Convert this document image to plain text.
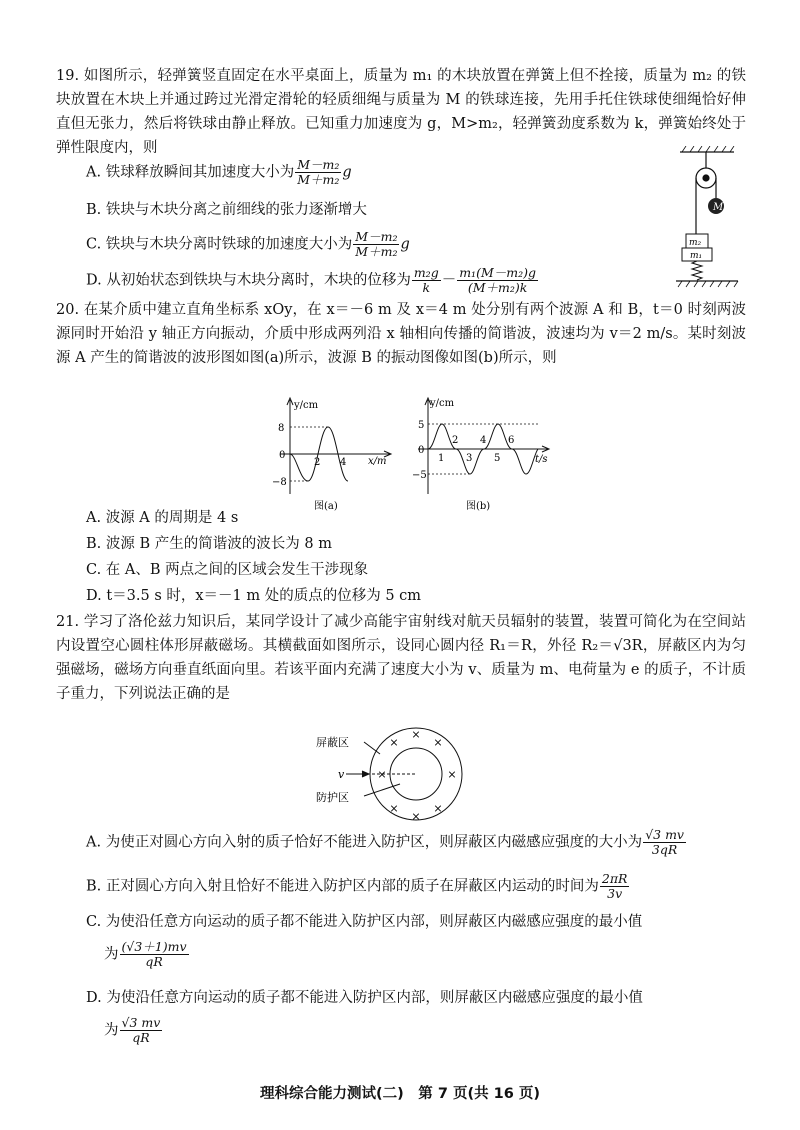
19. 如图所示，轻弹簧竖直固定在水平桌面上，质量为 m₁ 的木块放置在弹簧上但不拴接，质量为 m₂ 的铁块放置在木块上并通过跨过光滑定滑轮的轻质细绳与质量为 M 的铁球连接，先用手托住铁球使细绳恰好伸直但无张力，然后将铁球由静止释放。已知重力加速度为 g，M>m₂，轻弹簧劲度系数为 k，弹簧始终处于弹性限度内，则
A. 铁球释放瞬间其加速度大小为 $\frac{\text{M－m₂}}{\text{M＋m₂}}$ g
B. 铁块与木块分离之前细线的张力逐渐增大
C. 铁块与木块分离时铁球的加速度大小为 $\frac{\text{M－m₂}}{\text{M＋m₂}}$ g
D. 从初始状态到铁块与木块分离时，木块的位移为 $\frac{\text{m₂g}}{k} - \frac{\text{m₁(M－m₂)g}}{\text{(M＋m₂)k}}$
M
m₂
m₁
20. 在某介质中建立直角坐标系 xOy，在 x＝－6 m 及 x＝4 m 处分别有两个波源 A 和 B，t＝0 时刻两波源同时开始沿 y 轴正方向振动，介质中形成两列沿 x 轴相向传播的简谐波，波速均为 v＝2 m/s。某时刻波源 A 产生的简谐波的波形图如图(a)所示，波源 B 的振动图像如图(b)所示，则
y/cm
x/m
8
0
−8
2 4
图(a)
y/cm
t/s
5
0
−5
1
2
3
4
5
6
图(b)
A. 波源 A 的周期是 4 s
B. 波源 B 产生的简谐波的波长为 8 m
C. 在 A、B 两点之间的区域会发生干涉现象
D. t＝3.5 s 时，x＝－1 m 处的质点的位移为 5 cm
21. 学习了洛伦兹力知识后，某同学设计了减少高能宇宙射线对航天员辐射的装置，装置可简化为在空间站内设置空心圆柱体形屏蔽磁场。其横截面如图所示，设同心圆内径 R₁＝R，外径 R₂＝√3R，屏蔽区内为匀强磁场，磁场方向垂直纸面向里。若该平面内充满了速度大小为 v、质量为 m、电荷量为 e 的质子，不计质子重力，下列说法正确的是
屏蔽区
防护区
v
×
×	×
×	×
×	×
×
A. 为使正对圆心方向入射的质子恰好不能进入防护区，则屏蔽区内磁感应强度的大小为 $\frac{√3 mv}{3qR}$
B. 正对圆心方向入射且恰好不能进入防护区内部的质子在屏蔽区内运动的时间为 $\frac{2\pi R}{3v}$
C. 为使沿任意方向运动的质子都不能进入防护区内部，则屏蔽区内磁感应强度的最小值
为 $\frac{(√3+1)mv}{qR}$
D. 为使沿任意方向运动的质子都不能进入防护区内部，则屏蔽区内磁感应强度的最小值
为 $\frac{√3 mv}{qR}$
理科综合能力测试(二)　第 7 页(共 16 页)
